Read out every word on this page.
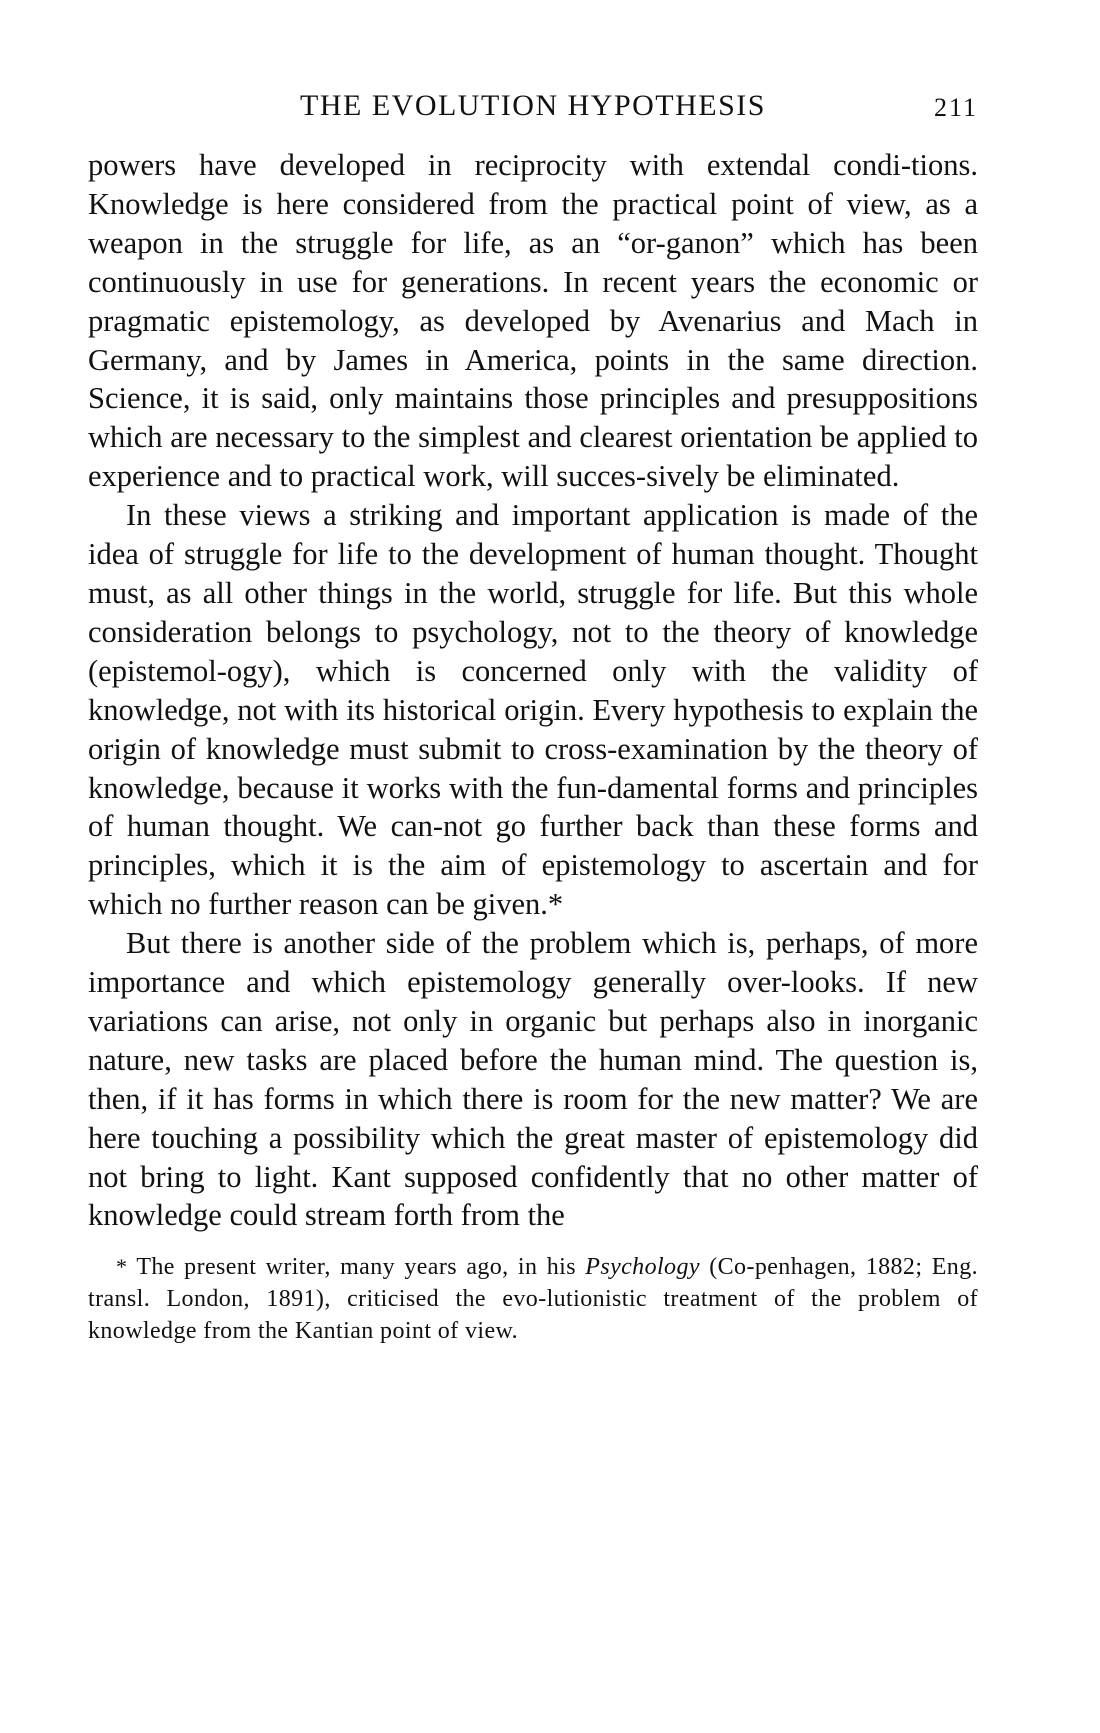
THE EVOLUTION HYPOTHESIS	211

powers have developed in reciprocity with extendal condi-tions. Knowledge is here considered from the practical point of view, as a weapon in the struggle for life, as an “or-ganon” which has been continuously in use for generations. In recent years the economic or pragmatic epistemology, as developed by Avenarius and Mach in Germany, and by James in America, points in the same direction. Science, it is said, only maintains those principles and presuppositions which are necessary to the simplest and clearest orientation be applied to experience and to practical work, will succes-sively be eliminated.

In these views a striking and important application is made of the idea of struggle for life to the development of human thought. Thought must, as all other things in the world, struggle for life. But this whole consideration belongs to psychology, not to the theory of knowledge (epistemol-ogy), which is concerned only with the validity of knowledge, not with its historical origin. Every hypothesis to explain the origin of knowledge must submit to cross-examination by the theory of knowledge, because it works with the fun-damental forms and principles of human thought. We can-not go further back than these forms and principles, which it is the aim of epistemology to ascertain and for which no further reason can be given.*

But there is another side of the problem which is, perhaps, of more importance and which epistemology generally over-looks. If new variations can arise, not only in organic but perhaps also in inorganic nature, new tasks are placed before the human mind. The question is, then, if it has forms in which there is room for the new matter? We are here touching a possibility which the great master of epistemology did not bring to light. Kant supposed confidently that no other matter of knowledge could stream forth from the

* The present writer, many years ago, in his Psychology (Co-penhagen, 1882; Eng. transl. London, 1891), criticised the evo-lutionistic treatment of the problem of knowledge from the Kantian point of view.
